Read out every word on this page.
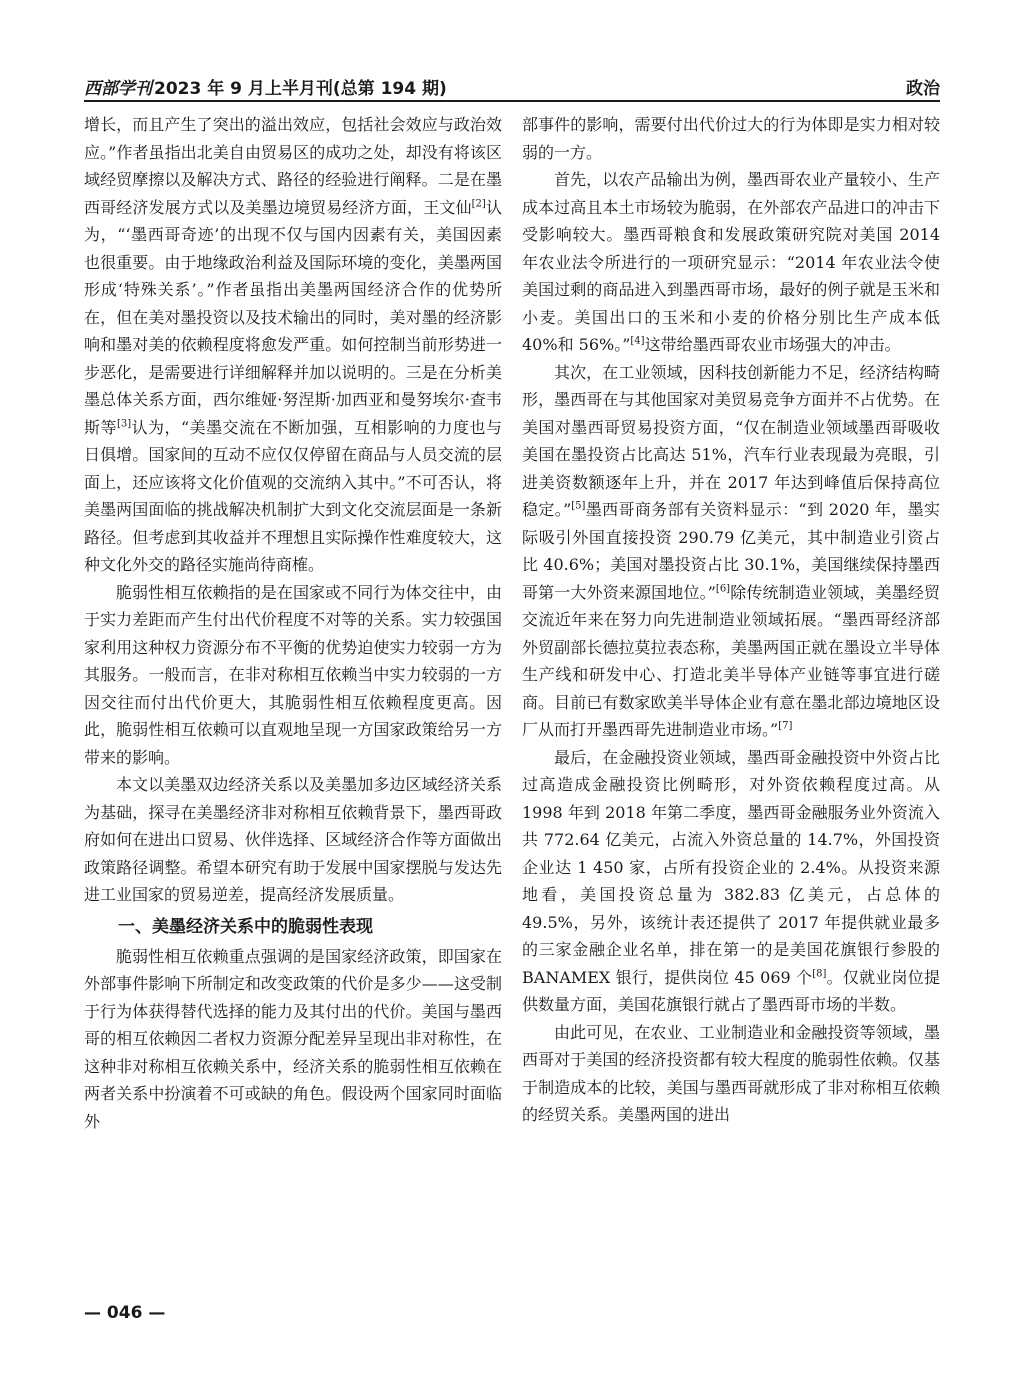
西部学刊 2023 年 9 月上半月刊(总第 194 期)	政治

增长，而且产生了突出的溢出效应，包括社会效应与政治效应。”作者虽指出北美自由贸易区的成功之处，却没有将该区域经贸摩擦以及解决方式、路径的经验进行阐释。二是在墨西哥经济发展方式以及美墨边境贸易经济方面，王文仙[2]认为，“‘墨西哥奇迹’的出现不仅与国内因素有关，美国因素也很重要。由于地缘政治利益及国际环境的变化，美墨两国形成‘特殊关系’。”作者虽指出美墨两国经济合作的优势所在，但在美对墨投资以及技术输出的同时，美对墨的经济影响和墨对美的依赖程度将愈发严重。如何控制当前形势进一步恶化，是需要进行详细解释并加以说明的。三是在分析美墨总体关系方面，西尔维娅·努涅斯·加西亚和曼努埃尔·查韦斯等[3]认为，“美墨交流在不断加强，互相影响的力度也与日俱增。国家间的互动不应仅仅停留在商品与人员交流的层面上，还应该将文化价值观的交流纳入其中。”不可否认，将美墨两国面临的挑战解决机制扩大到文化交流层面是一条新路径。但考虑到其收益并不理想且实际操作性难度较大，这种文化外交的路径实施尚待商榷。

脆弱性相互依赖指的是在国家或不同行为体交往中，由于实力差距而产生付出代价程度不对等的关系。实力较强国家利用这种权力资源分布不平衡的优势迫使实力较弱一方为其服务。一般而言，在非对称相互依赖当中实力较弱的一方因交往而付出代价更大，其脆弱性相互依赖程度更高。因此，脆弱性相互依赖可以直观地呈现一方国家政策给另一方带来的影响。

本文以美墨双边经济关系以及美墨加多边区域经济关系为基础，探寻在美墨经济非对称相互依赖背景下，墨西哥政府如何在进出口贸易、伙伴选择、区域经济合作等方面做出政策路径调整。希望本研究有助于发展中国家摆脱与发达先进工业国家的贸易逆差，提高经济发展质量。

一、美墨经济关系中的脆弱性表现

脆弱性相互依赖重点强调的是国家经济政策，即国家在外部事件影响下所制定和改变政策的代价是多少——这受制于行为体获得替代选择的能力及其付出的代价。美国与墨西哥的相互依赖因二者权力资源分配差异呈现出非对称性，在这种非对称相互依赖关系中，经济关系的脆弱性相互依赖在两者关系中扮演着不可或缺的角色。假设两个国家同时面临外

部事件的影响，需要付出代价过大的行为体即是实力相对较弱的一方。

首先，以农产品输出为例，墨西哥农业产量较小、生产成本过高且本土市场较为脆弱，在外部农产品进口的冲击下受影响较大。墨西哥粮食和发展政策研究院对美国 2014 年农业法令所进行的一项研究显示：“2014 年农业法令使美国过剩的商品进入到墨西哥市场，最好的例子就是玉米和小麦。美国出口的玉米和小麦的价格分别比生产成本低 40%和 56%。”[4]这带给墨西哥农业市场强大的冲击。

其次，在工业领域，因科技创新能力不足，经济结构畸形，墨西哥在与其他国家对美贸易竞争方面并不占优势。在美国对墨西哥贸易投资方面，“仅在制造业领域墨西哥吸收美国在墨投资占比高达 51%，汽车行业表现最为亮眼，引进美资数额逐年上升，并在 2017 年达到峰值后保持高位稳定。”[5]墨西哥商务部有关资料显示：“到 2020 年，墨实际吸引外国直接投资 290.79 亿美元，其中制造业引资占比 40.6%；美国对墨投资占比 30.1%，美国继续保持墨西哥第一大外资来源国地位。”[6]除传统制造业领域，美墨经贸交流近年来在努力向先进制造业领域拓展。“墨西哥经济部外贸副部长德拉莫拉表态称，美墨两国正就在墨设立半导体生产线和研发中心、打造北美半导体产业链等事宜进行磋商。目前已有数家欧美半导体企业有意在墨北部边境地区设厂从而打开墨西哥先进制造业市场。”[7]

最后，在金融投资业领域，墨西哥金融投资中外资占比过高造成金融投资比例畸形，对外资依赖程度过高。从 1998 年到 2018 年第二季度，墨西哥金融服务业外资流入共 772.64 亿美元，占流入外资总量的 14.7%，外国投资企业达 1 450 家，占所有投资企业的 2.4%。从投资来源地看，美国投资总量为 382.83 亿美元，占总体的 49.5%，另外，该统计表还提供了 2017 年提供就业最多的三家金融企业名单，排在第一的是美国花旗银行参股的 BANAMEX 银行，提供岗位 45 069 个[8]。仅就业岗位提供数量方面，美国花旗银行就占了墨西哥市场的半数。

由此可见，在农业、工业制造业和金融投资等领域，墨西哥对于美国的经济投资都有较大程度的脆弱性依赖。仅基于制造成本的比较，美国与墨西哥就形成了非对称相互依赖的经贸关系。美墨两国的进出

— 046 —
